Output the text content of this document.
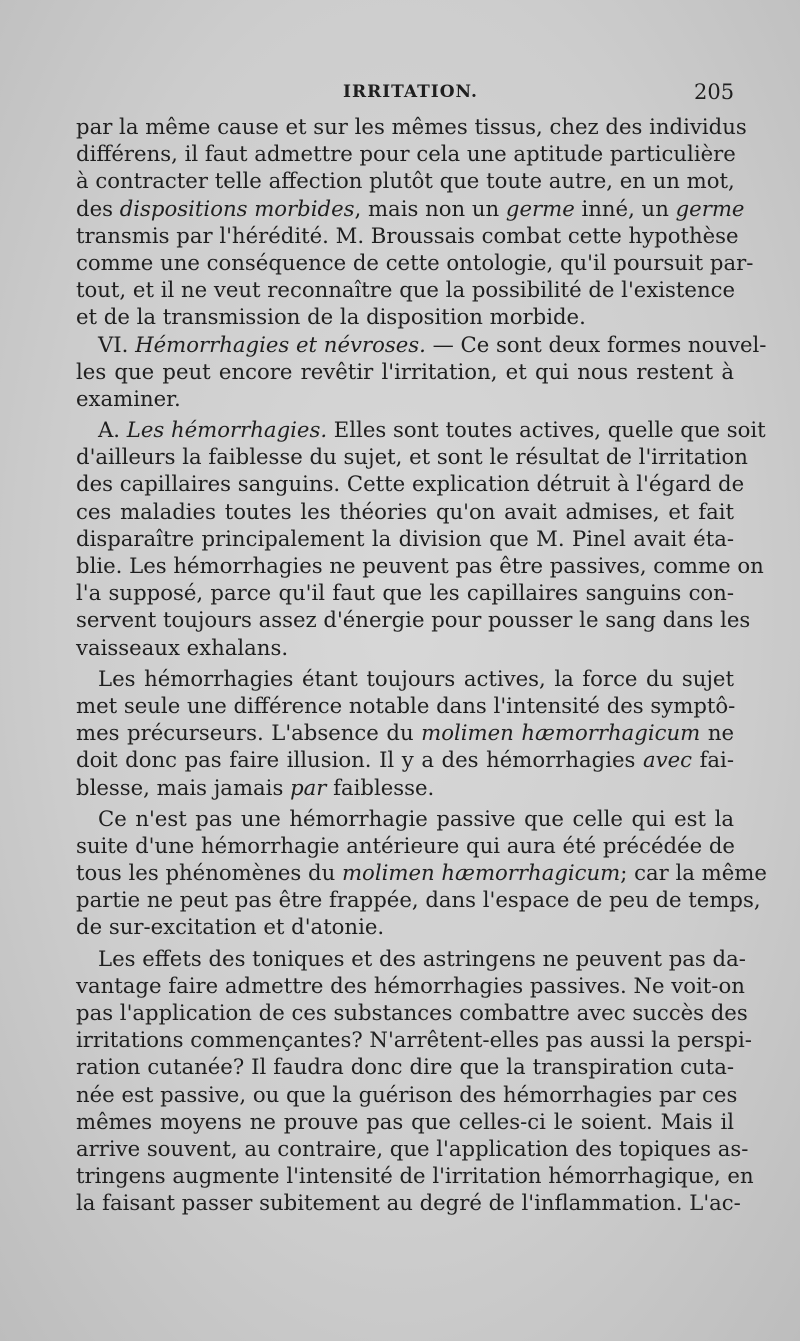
IRRITATION.	205
par la même cause et sur les mêmes tissus, chez des individus
différens, il faut admettre pour cela une aptitude particulière
à contracter telle affection plutôt que toute autre, en un mot,
des dispositions morbides, mais non un germe inné, un germe
transmis par l'hérédité. M. Broussais combat cette hypothèse
comme une conséquence de cette ontologie, qu'il poursuit par-
tout, et il ne veut reconnaître que la possibilité de l'existence
et de la transmission de la disposition morbide.
VI. Hémorrhagies et névroses. — Ce sont deux formes nouvel-
les que peut encore revêtir l'irritation, et qui nous restent à
examiner.
A. Les hémorrhagies. Elles sont toutes actives, quelle que soit
d'ailleurs la faiblesse du sujet, et sont le résultat de l'irritation
des capillaires sanguins. Cette explication détruit à l'égard de
ces maladies toutes les théories qu'on avait admises, et fait
disparaître principalement la division que M. Pinel avait éta-
blie. Les hémorrhagies ne peuvent pas être passives, comme on
l'a supposé, parce qu'il faut que les capillaires sanguins con-
servent toujours assez d'énergie pour pousser le sang dans les
vaisseaux exhalans.
Les hémorrhagies étant toujours actives, la force du sujet
met seule une différence notable dans l'intensité des symptô-
mes précurseurs. L'absence du molimen hæmorrhagicum ne
doit donc pas faire illusion. Il y a des hémorrhagies avec fai-
blesse, mais jamais par faiblesse.
Ce n'est pas une hémorrhagie passive que celle qui est la
suite d'une hémorrhagie antérieure qui aura été précédée de
tous les phénomènes du molimen hæmorrhagicum; car la même
partie ne peut pas être frappée, dans l'espace de peu de temps,
de sur-excitation et d'atonie.
Les effets des toniques et des astringens ne peuvent pas da-
vantage faire admettre des hémorrhagies passives. Ne voit-on
pas l'application de ces substances combattre avec succès des
irritations commençantes? N'arrêtent-elles pas aussi la perspi-
ration cutanée? Il faudra donc dire que la transpiration cuta-
née est passive, ou que la guérison des hémorrhagies par ces
mêmes moyens ne prouve pas que celles-ci le soient. Mais il
arrive souvent, au contraire, que l'application des topiques as-
tringens augmente l'intensité de l'irritation hémorrhagique, en
la faisant passer subitement au degré de l'inflammation. L'ac-
